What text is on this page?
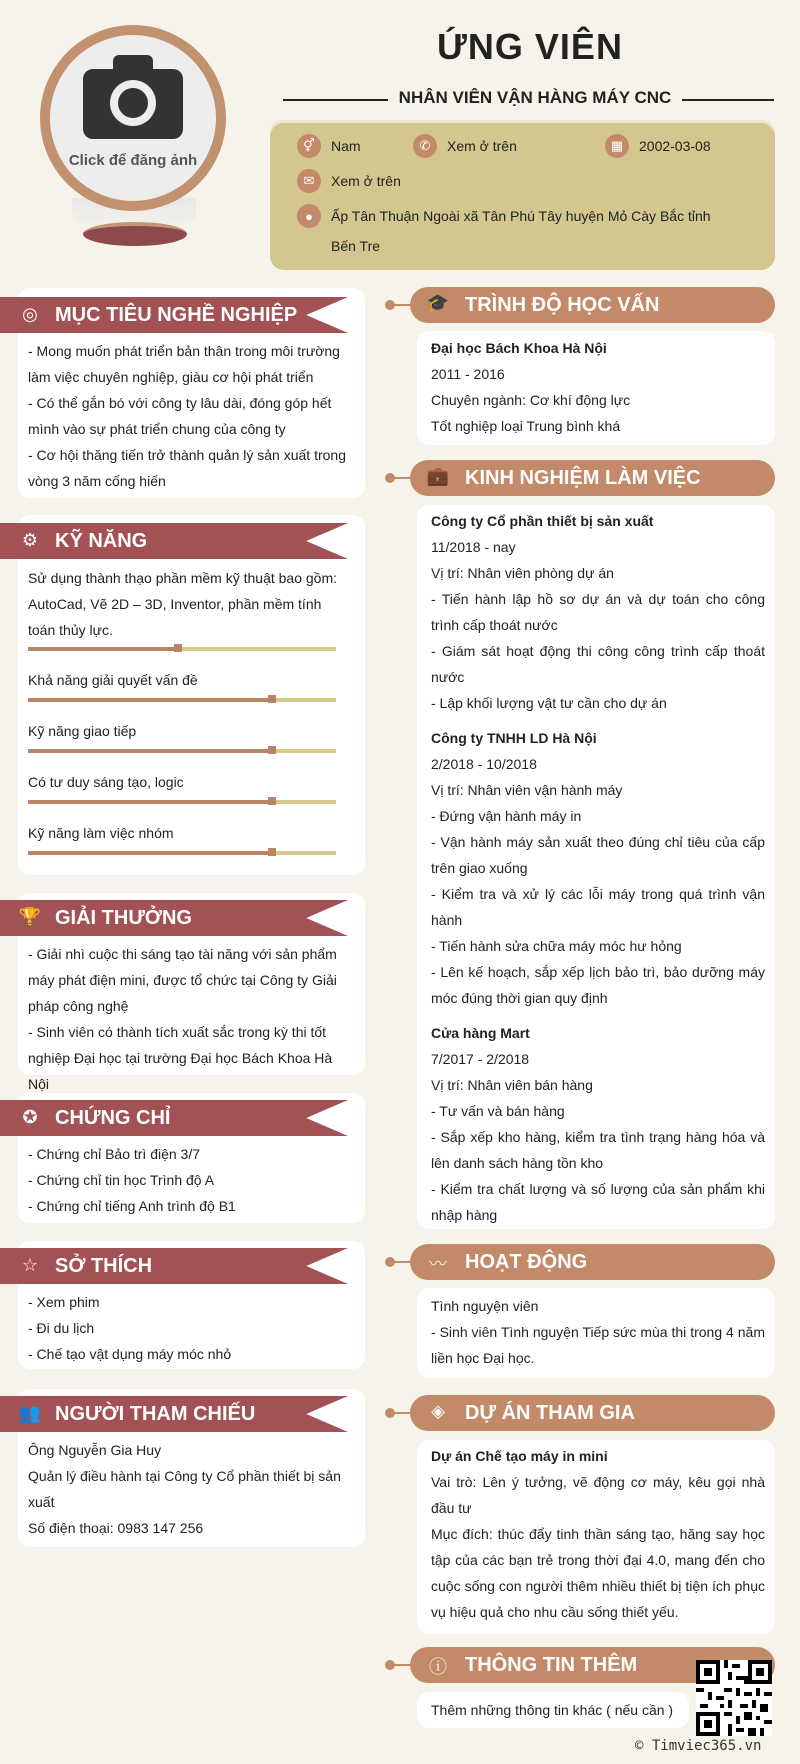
Click để đăng ảnh
ỨNG VIÊN
NHÂN VIÊN VẬN HÀNG MÁY CNC
⚥	Nam	✆	Xem ở trên	▦	2002-03-08
✉	Xem ở trên
●	Ấp Tân Thuận Ngoài xã Tân Phú Tây huyện Mỏ Cày Bắc tỉnh Bến Tre
◎ MỤC TIÊU NGHỀ NGHIỆP
- Mong muốn phát triển bản thân trong môi trường làm việc chuyên nghiệp, giàu cơ hội phát triển
- Có thể gắn bó với công ty lâu dài, đóng góp hết mình vào sự phát triển chung của công ty
- Cơ hội thăng tiến trở thành quản lý sản xuất trong vòng 3 năm cống hiến
⚙ KỸ NĂNG
Sử dụng thành thạo phần mềm kỹ thuật bao gồm: AutoCad, Vẽ 2D – 3D, Inventor, phần mềm tính toán thủy lực.
Khả năng giải quyết vấn đề
Kỹ năng giao tiếp
Có tư duy sáng tạo, logic
Kỹ năng làm việc nhóm
🏆 GIẢI THƯỞNG
- Giải nhì cuộc thi sáng tạo tài năng với sản phẩm máy phát điện mini, được tổ chức tại Công ty Giải pháp công nghệ
- Sinh viên có thành tích xuất sắc trong kỳ thi tốt nghiệp Đại học tại trường Đại học Bách Khoa Hà Nội
✪ CHỨNG CHỈ
- Chứng chỉ Bảo trì điện 3/7
- Chứng chỉ tin học Trình độ A
- Chứng chỉ tiếng Anh trình độ B1
☆ SỞ THÍCH
- Xem phim
- Đi du lịch
- Chế tạo vật dụng máy móc nhỏ
👥 NGƯỜI THAM CHIẾU
Ông Nguyễn Gia Huy
Quản lý điều hành tại Công ty Cổ phần thiết bị sản xuất
Số điện thoại: 0983 147 256
🎓 TRÌNH ĐỘ HỌC VẤN
Đại học Bách Khoa Hà Nội
2011 - 2016
Chuyên ngành: Cơ khí động lực
Tốt nghiệp loại Trung bình khá
💼 KINH NGHIỆM LÀM VIỆC
Công ty Cổ phần thiết bị sản xuất
11/2018 - nay
Vị trí: Nhân viên phòng dự án
- Tiến hành lập hồ sơ dự án và dự toán cho công trình cấp thoát nước
- Giám sát hoạt động thi công công trình cấp thoát nước
- Lập khối lượng vật tư cần cho dự án
Công ty TNHH LD Hà Nội
2/2018 - 10/2018
Vị trí: Nhân viên vận hành máy
- Đứng vận hành máy in
- Vận hành máy sản xuất theo đúng chỉ tiêu của cấp trên giao xuống
- Kiểm tra và xử lý các lỗi máy trong quá trình vận hành
- Tiến hành sửa chữa máy móc hư hỏng
- Lên kế hoạch, sắp xếp lịch bảo trì, bảo dưỡng máy móc đúng thời gian quy định
Cửa hàng Mart
7/2017 - 2/2018
Vị trí: Nhân viên bán hàng
- Tư vấn và bán hàng
- Sắp xếp kho hàng, kiểm tra tình trạng hàng hóa và lên danh sách hàng tồn kho
- Kiểm tra chất lượng và số lượng của sản phẩm khi nhập hàng
〰 HOẠT ĐỘNG
Tình nguyện viên
- Sinh viên Tình nguyện Tiếp sức mùa thi trong 4 năm liền học Đại học.
◈	DỰ ÁN THAM GIA
Dự án Chế tạo máy in mini
Vai trò: Lên ý tưởng, vẽ động cơ máy, kêu gọi nhà đầu tư
Mục đích: thúc đẩy tinh thần sáng tạo, hăng say học tập của các bạn trẻ trong thời đại 4.0, mang đến cho cuộc sống con người thêm nhiều thiết bị tiện ích phục vụ hiệu quả cho nhu cầu sống thiết yếu.
ⓘ THÔNG TIN THÊM
Thêm những thông tin khác ( nếu cần )
© Timviec365.vn
